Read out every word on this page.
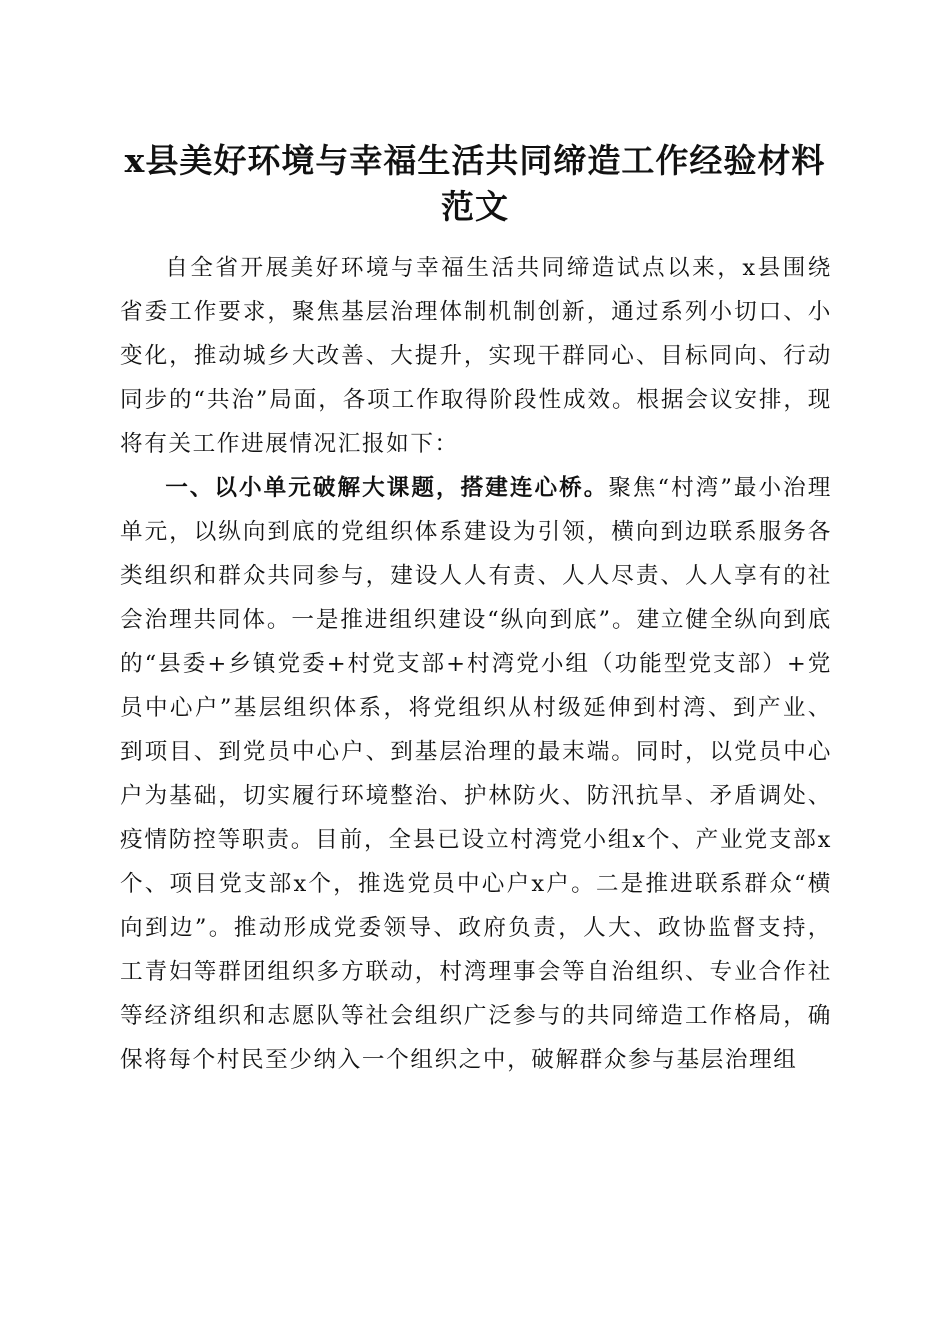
x县美好环境与幸福生活共同缔造工作经验材料范文

自全省开展美好环境与幸福生活共同缔造试点以来，x县围绕省委工作要求，聚焦基层治理体制机制创新，通过系列小切口、小变化，推动城乡大改善、大提升，实现干群同心、目标同向、行动同步的“共治”局面，各项工作取得阶段性成效。根据会议安排，现将有关工作进展情况汇报如下：

一、以小单元破解大课题，搭建连心桥。聚焦“村湾”最小治理单元，以纵向到底的党组织体系建设为引领，横向到边联系服务各类组织和群众共同参与，建设人人有责、人人尽责、人人享有的社会治理共同体。一是推进组织建设“纵向到底”。建立健全纵向到底的“县委+乡镇党委+村党支部+村湾党小组（功能型党支部）+党员中心户”基层组织体系，将党组织从村级延伸到村湾、到产业、到项目、到党员中心户、到基层治理的最末端。同时，以党员中心户为基础，切实履行环境整治、护林防火、防汛抗旱、矛盾调处、疫情防控等职责。目前，全县已设立村湾党小组x个、产业党支部x个、项目党支部x个，推选党员中心户x户。二是推进联系群众“横向到边”。推动形成党委领导、政府负责，人大、政协监督支持，工青妇等群团组织多方联动，村湾理事会等自治组织、专业合作社等经济组织和志愿队等社会组织广泛参与的共同缔造工作格局，确保将每个村民至少纳入一个组织之中，破解群众参与基层治理组
